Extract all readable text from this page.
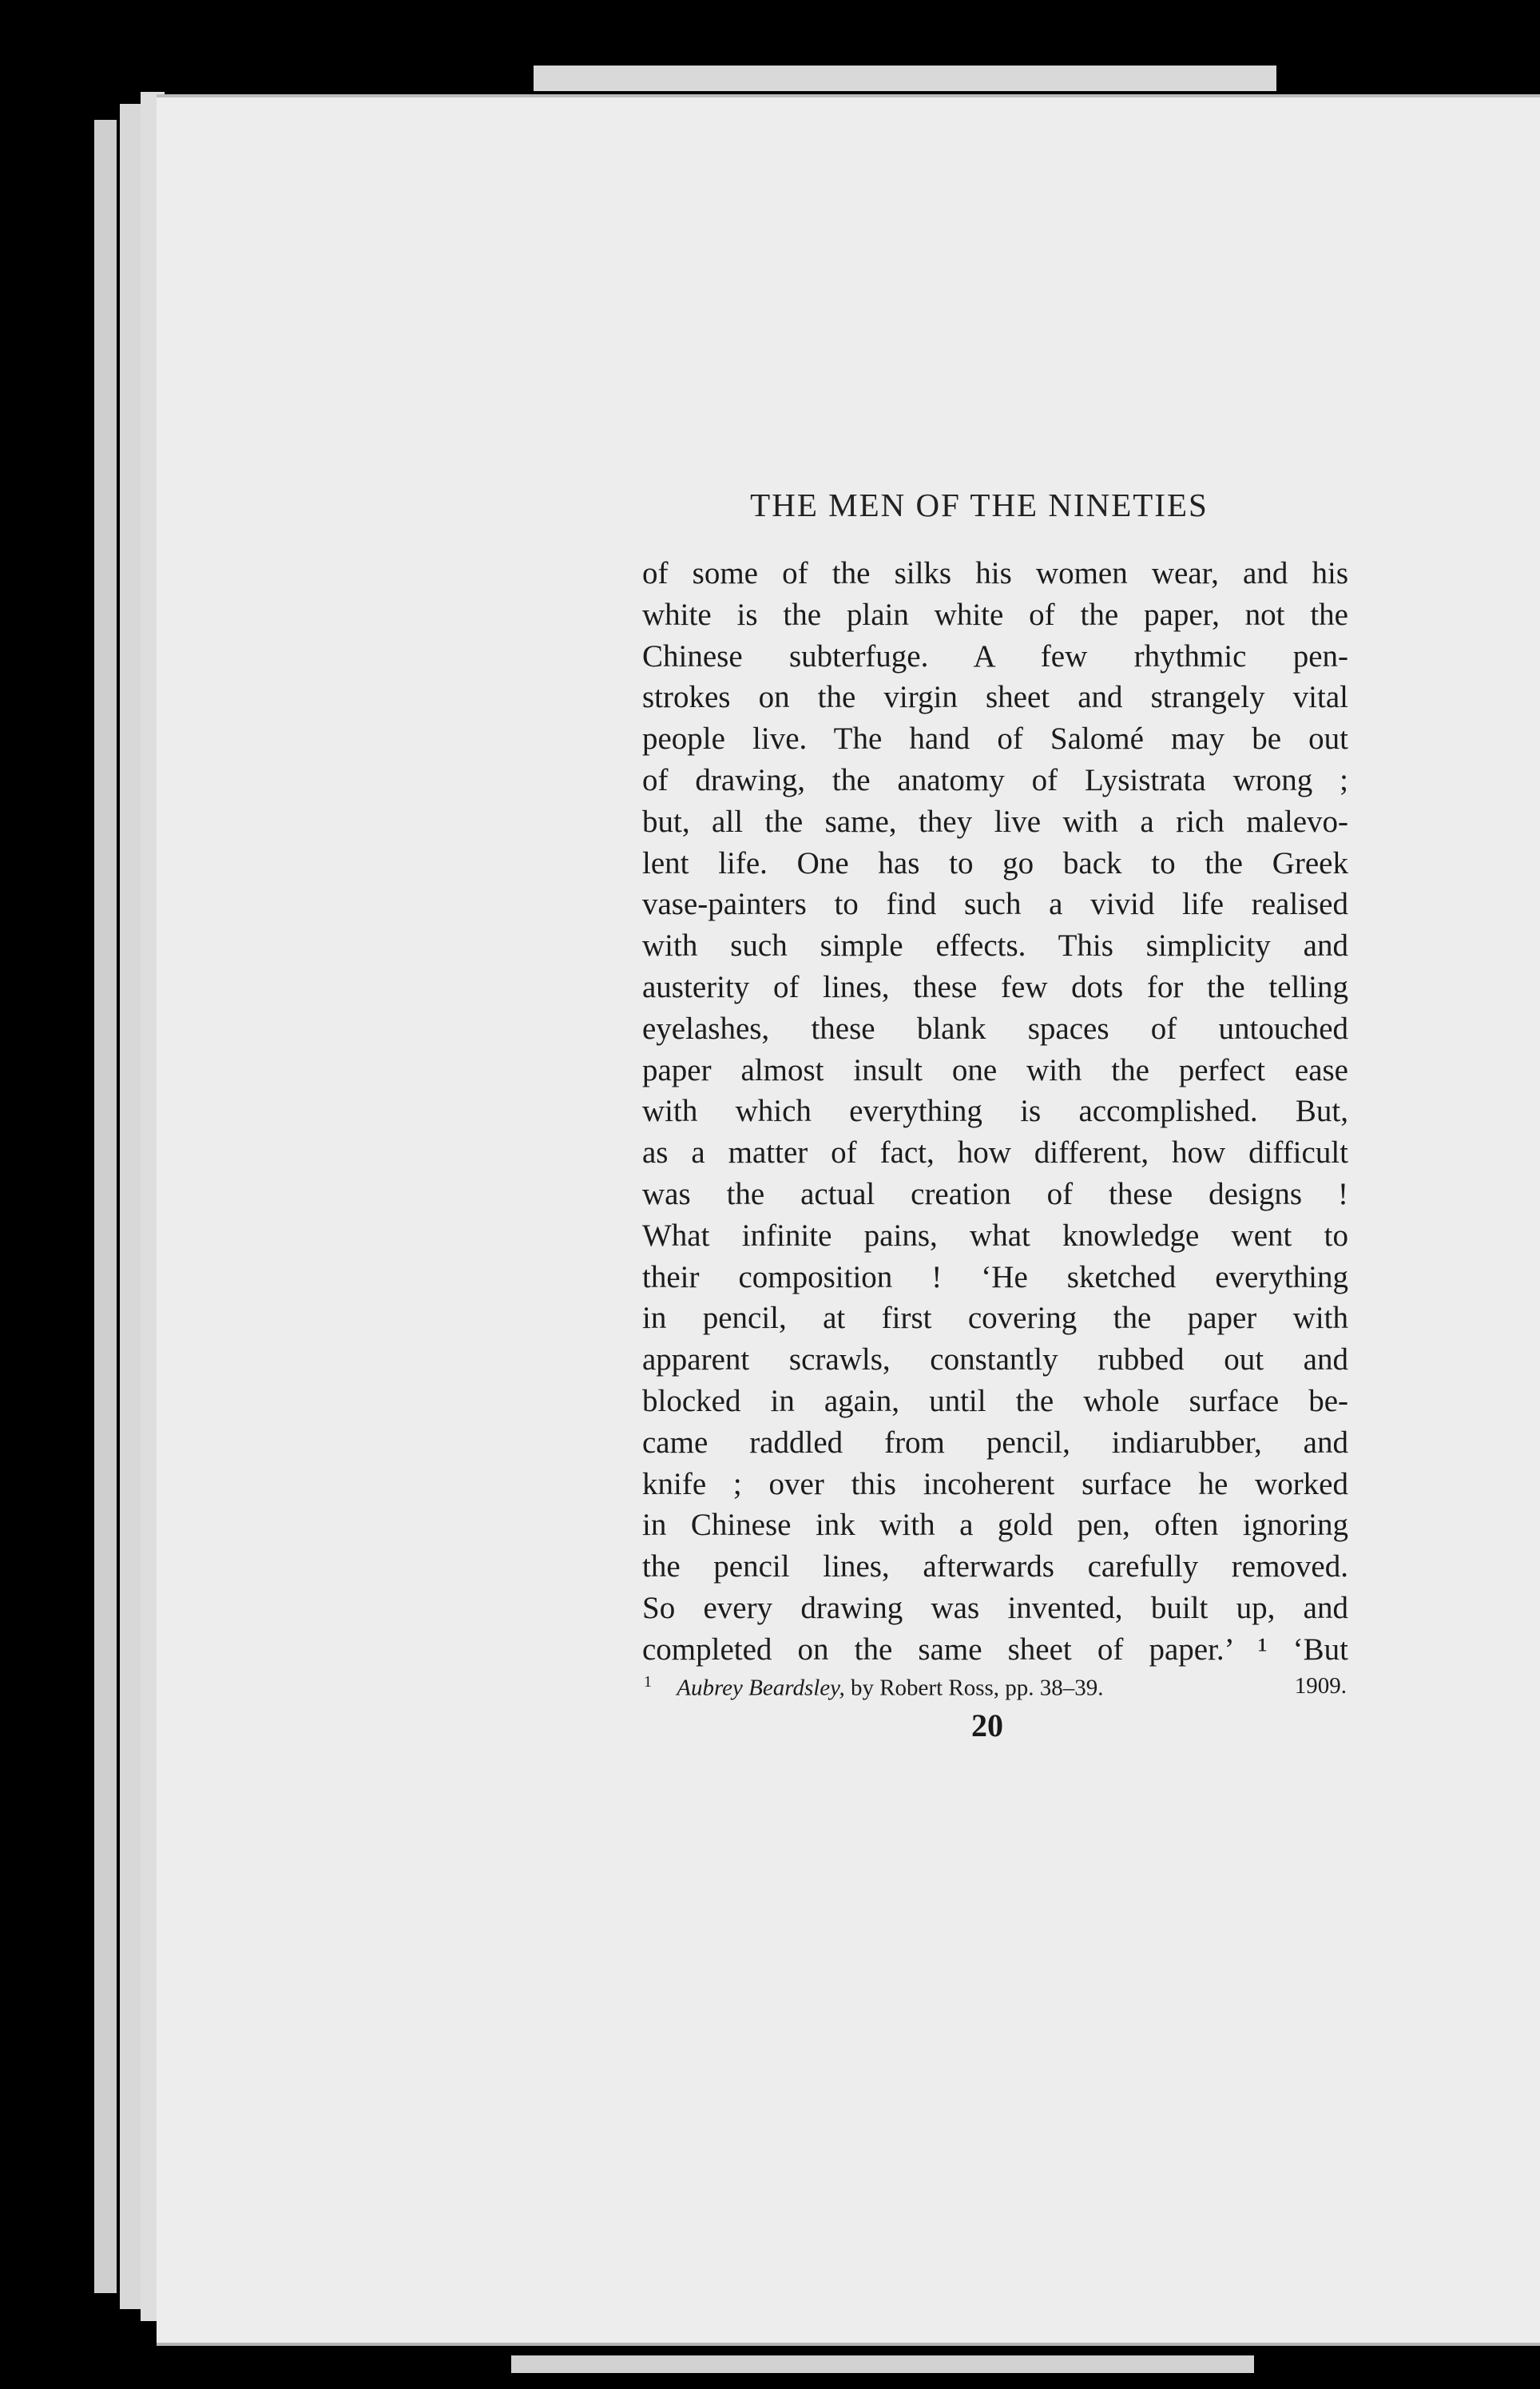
THE MEN OF THE NINETIES
of some of the silks his women wear, and his
white is the plain white of the paper, not the
Chinese subterfuge. A few rhythmic pen-
strokes on the virgin sheet and strangely vital
people live. The hand of Salomé may be out
of drawing, the anatomy of Lysistrata wrong ;
but, all the same, they live with a rich malevo-
lent life. One has to go back to the Greek
vase-painters to find such a vivid life realised
with such simple effects. This simplicity and
austerity of lines, these few dots for the telling
eyelashes, these blank spaces of untouched
paper almost insult one with the perfect ease
with which everything is accomplished. But,
as a matter of fact, how different, how difficult
was the actual creation of these designs !
What infinite pains, what knowledge went to
their composition ! ‘He sketched everything
in pencil, at first covering the paper with
apparent scrawls, constantly rubbed out and
blocked in again, until the whole surface be-
came raddled from pencil, indiarubber, and
knife ; over this incoherent surface he worked
in Chinese ink with a gold pen, often ignoring
the pencil lines, afterwards carefully removed.
So every drawing was invented, built up, and
completed on the same sheet of paper.’ ¹ ‘But
$^1$ Aubrey Beardsley, by Robert Ross, pp. 38–39.	1909.
20
